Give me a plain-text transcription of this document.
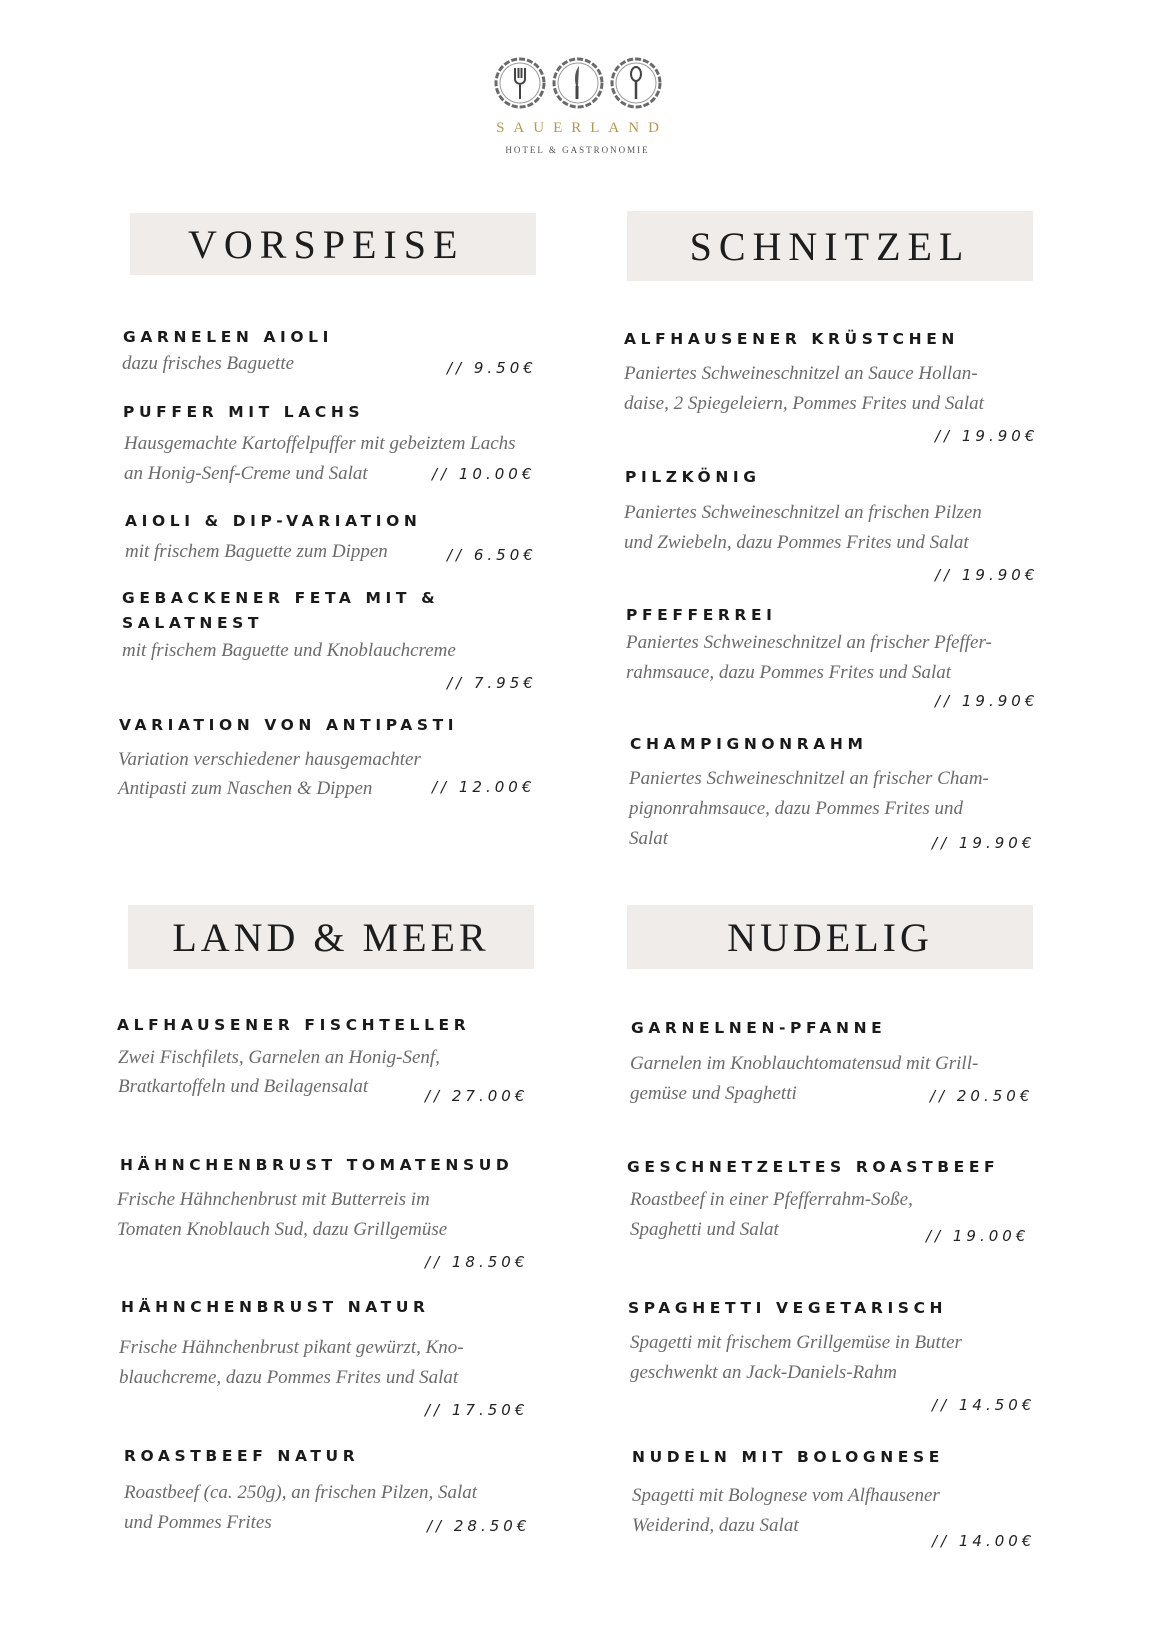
SAUERLAND
HOTEL & GASTRONOMIE
VORSPEISE
GARNELEN AIOLI
dazu frisches Baguette	// 9.50€
PUFFER MIT LACHS
Hausgemachte Kartoffelpuffer mit gebeiztem Lachs
an Honig-Senf-Creme und Salat	// 10.00€
AIOLI & DIP-VARIATION
mit frischem Baguette zum Dippen	// 6.50€
GEBACKENER FETA MIT &
SALATNEST
mit frischem Baguette und Knoblauchcreme
// 7.95€
VARIATION VON ANTIPASTI
Variation verschiedener hausgemachter
Antipasti zum Naschen & Dippen	// 12.00€
SCHNITZEL
ALFHAUSENER KRÜSTCHEN
Paniertes Schweineschnitzel an Sauce Hollan-
daise, 2 Spiegeleiern, Pommes Frites und Salat
// 19.90€
PILZKÖNIG
Paniertes Schweineschnitzel an frischen Pilzen
und Zwiebeln, dazu Pommes Frites und Salat
// 19.90€
PFEFFERREI
Paniertes Schweineschnitzel an frischer Pfeffer-
rahmsauce, dazu Pommes Frites und Salat
// 19.90€
CHAMPIGNONRAHM
Paniertes Schweineschnitzel an frischer Cham-
pignonrahmsauce, dazu Pommes Frites und
Salat	// 19.90€
LAND & MEER
ALFHAUSENER FISCHTELLER
Zwei Fischfilets, Garnelen an Honig-Senf,
Bratkartoffeln und Beilagensalat	// 27.00€
HÄHNCHENBRUST TOMATENSUD
Frische Hähnchenbrust mit Butterreis im
Tomaten Knoblauch Sud, dazu Grillgemüse
// 18.50€
HÄHNCHENBRUST NATUR
Frische Hähnchenbrust pikant gewürzt, Kno-
blauchcreme, dazu Pommes Frites und Salat
// 17.50€
ROASTBEEF NATUR
Roastbeef (ca. 250g), an frischen Pilzen, Salat
und Pommes Frites	// 28.50€
NUDELIG
GARNELNEN-PFANNE
Garnelen im Knoblauchtomatensud mit Grill-
gemüse und Spaghetti	// 20.50€
GESCHNETZELTES ROASTBEEF
Roastbeef in einer Pfefferrahm-Soße,
Spaghetti und Salat	// 19.00€
SPAGHETTI VEGETARISCH
Spagetti mit frischem Grillgemüse in Butter
geschwenkt an Jack-Daniels-Rahm
// 14.50€
NUDELN MIT BOLOGNESE
Spagetti mit Bolognese vom Alfhausener
Weiderind, dazu Salat
// 14.00€
